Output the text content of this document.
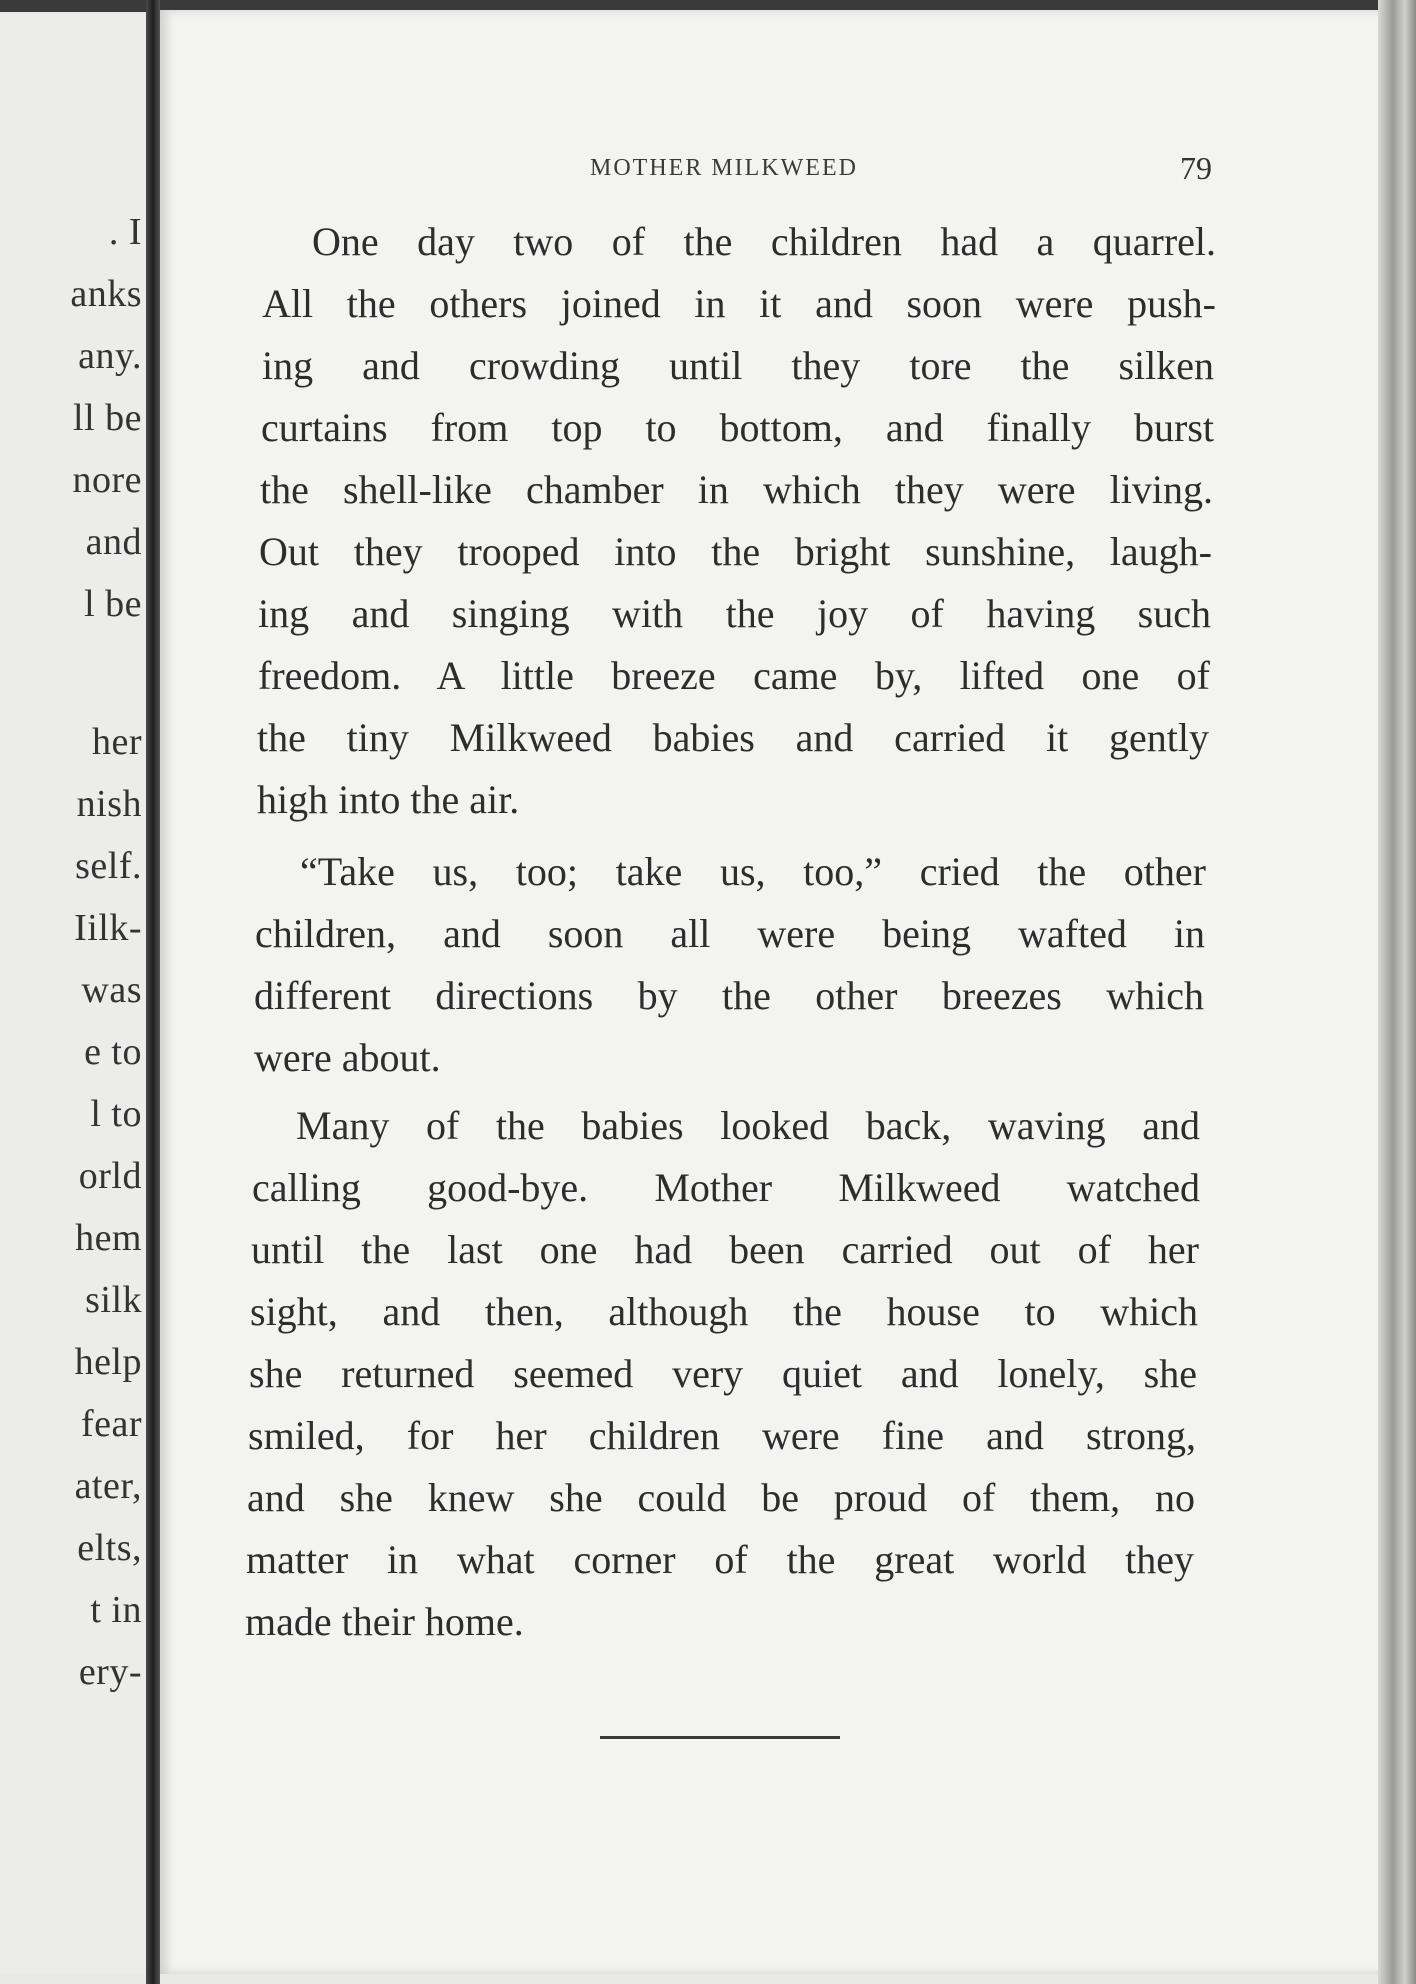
. I
anks
any.
ll be
nore
and
l be
her
nish
self.
Iilk-
was
e to
l to
orld
hem
silk
help
fear
ater,
elts,
t in
ery-
MOTHER MILKWEED	79
One day two of the children had a quarrel.
All the others joined in it and soon were push-
ing and crowding until they tore the silken
curtains from top to bottom, and finally burst
the shell-like chamber in which they were living.
Out they trooped into the bright sunshine, laugh-
ing and singing with the joy of having such
freedom. A little breeze came by, lifted one of
the tiny Milkweed babies and carried it gently
high into the air.
“Take us, too; take us, too,” cried the other
children, and soon all were being wafted in
different directions by the other breezes which
were about.
Many of the babies looked back, waving and
calling good-bye. Mother Milkweed watched
until the last one had been carried out of her
sight, and then, although the house to which
she returned seemed very quiet and lonely, she
smiled, for her children were fine and strong,
and she knew she could be proud of them, no
matter in what corner of the great world they
made their home.
